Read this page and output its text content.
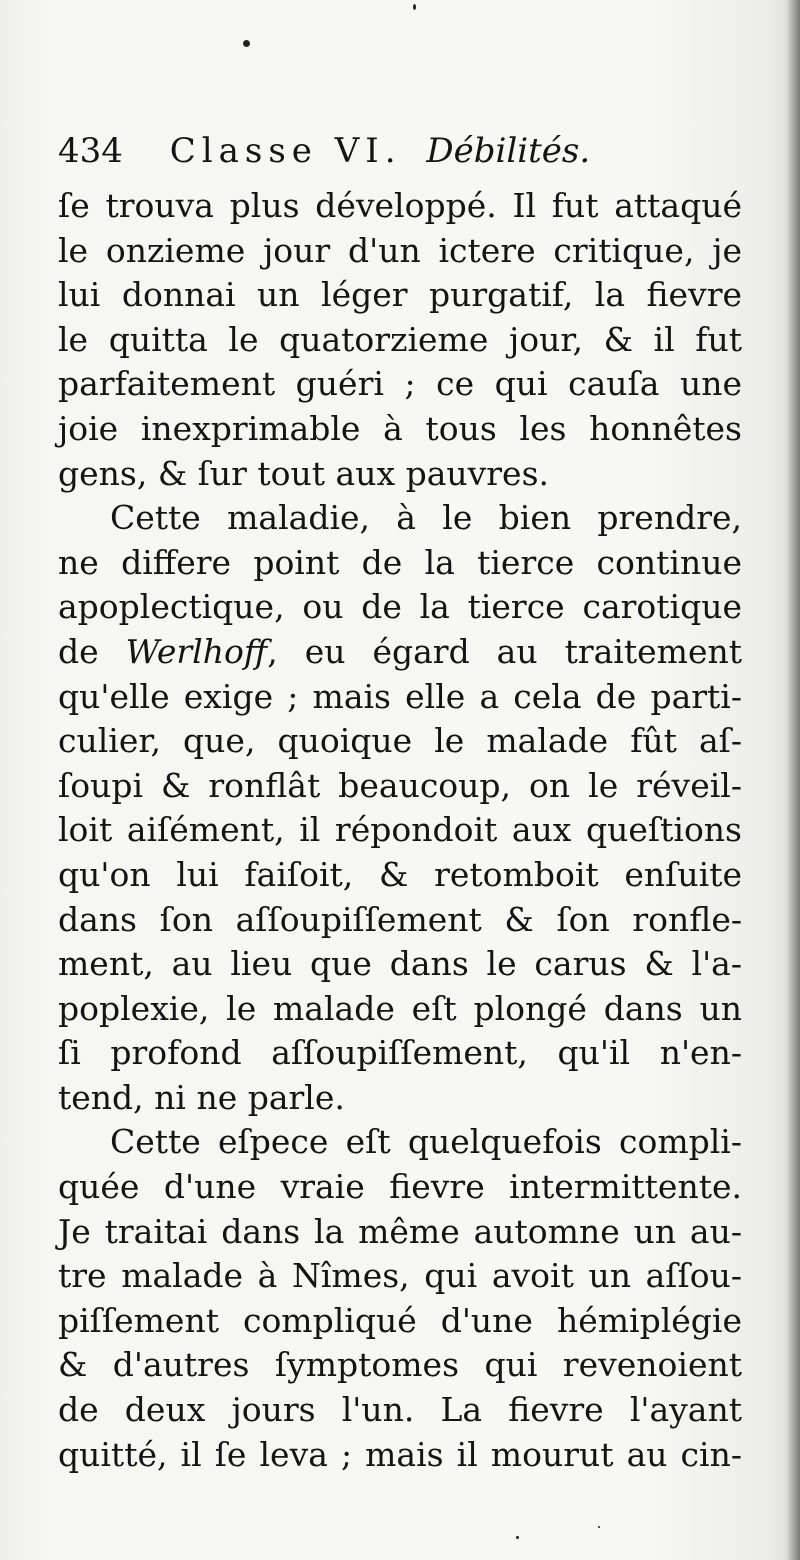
434 Classe VI. Débilités.
ſe trouva plus développé. Il fut attaqué
le onzieme jour d'un ictere critique, je
lui donnai un léger purgatif, la fievre
le quitta le quatorzieme jour, & il fut
parfaitement guéri ; ce qui cauſa une
joie inexprimable à tous les honnêtes
gens, & ſur tout aux pauvres.
Cette maladie, à le bien prendre,
ne differe point de la tierce continue
apoplectique, ou de la tierce carotique
de Werlhoff, eu égard au traitement
qu'elle exige ; mais elle a cela de parti-
culier, que, quoique le malade fût aſ-
ſoupi & ronflât beaucoup, on le réveil-
loit aiſément, il répondoit aux queſtions
qu'on lui faiſoit, & retomboit enſuite
dans ſon aſſoupiſſement & ſon ronfle-
ment, au lieu que dans le carus & l'a-
poplexie, le malade eſt plongé dans un
ſi profond aſſoupiſſement, qu'il n'en-
tend, ni ne parle.
Cette eſpece eſt quelquefois compli-
quée d'une vraie fievre intermittente.
Je traitai dans la même automne un au-
tre malade à Nîmes, qui avoit un aſſou-
piſſement compliqué d'une hémiplégie
& d'autres ſymptomes qui revenoient
de deux jours l'un. La fievre l'ayant
quitté, il ſe leva ; mais il mourut au cin-
